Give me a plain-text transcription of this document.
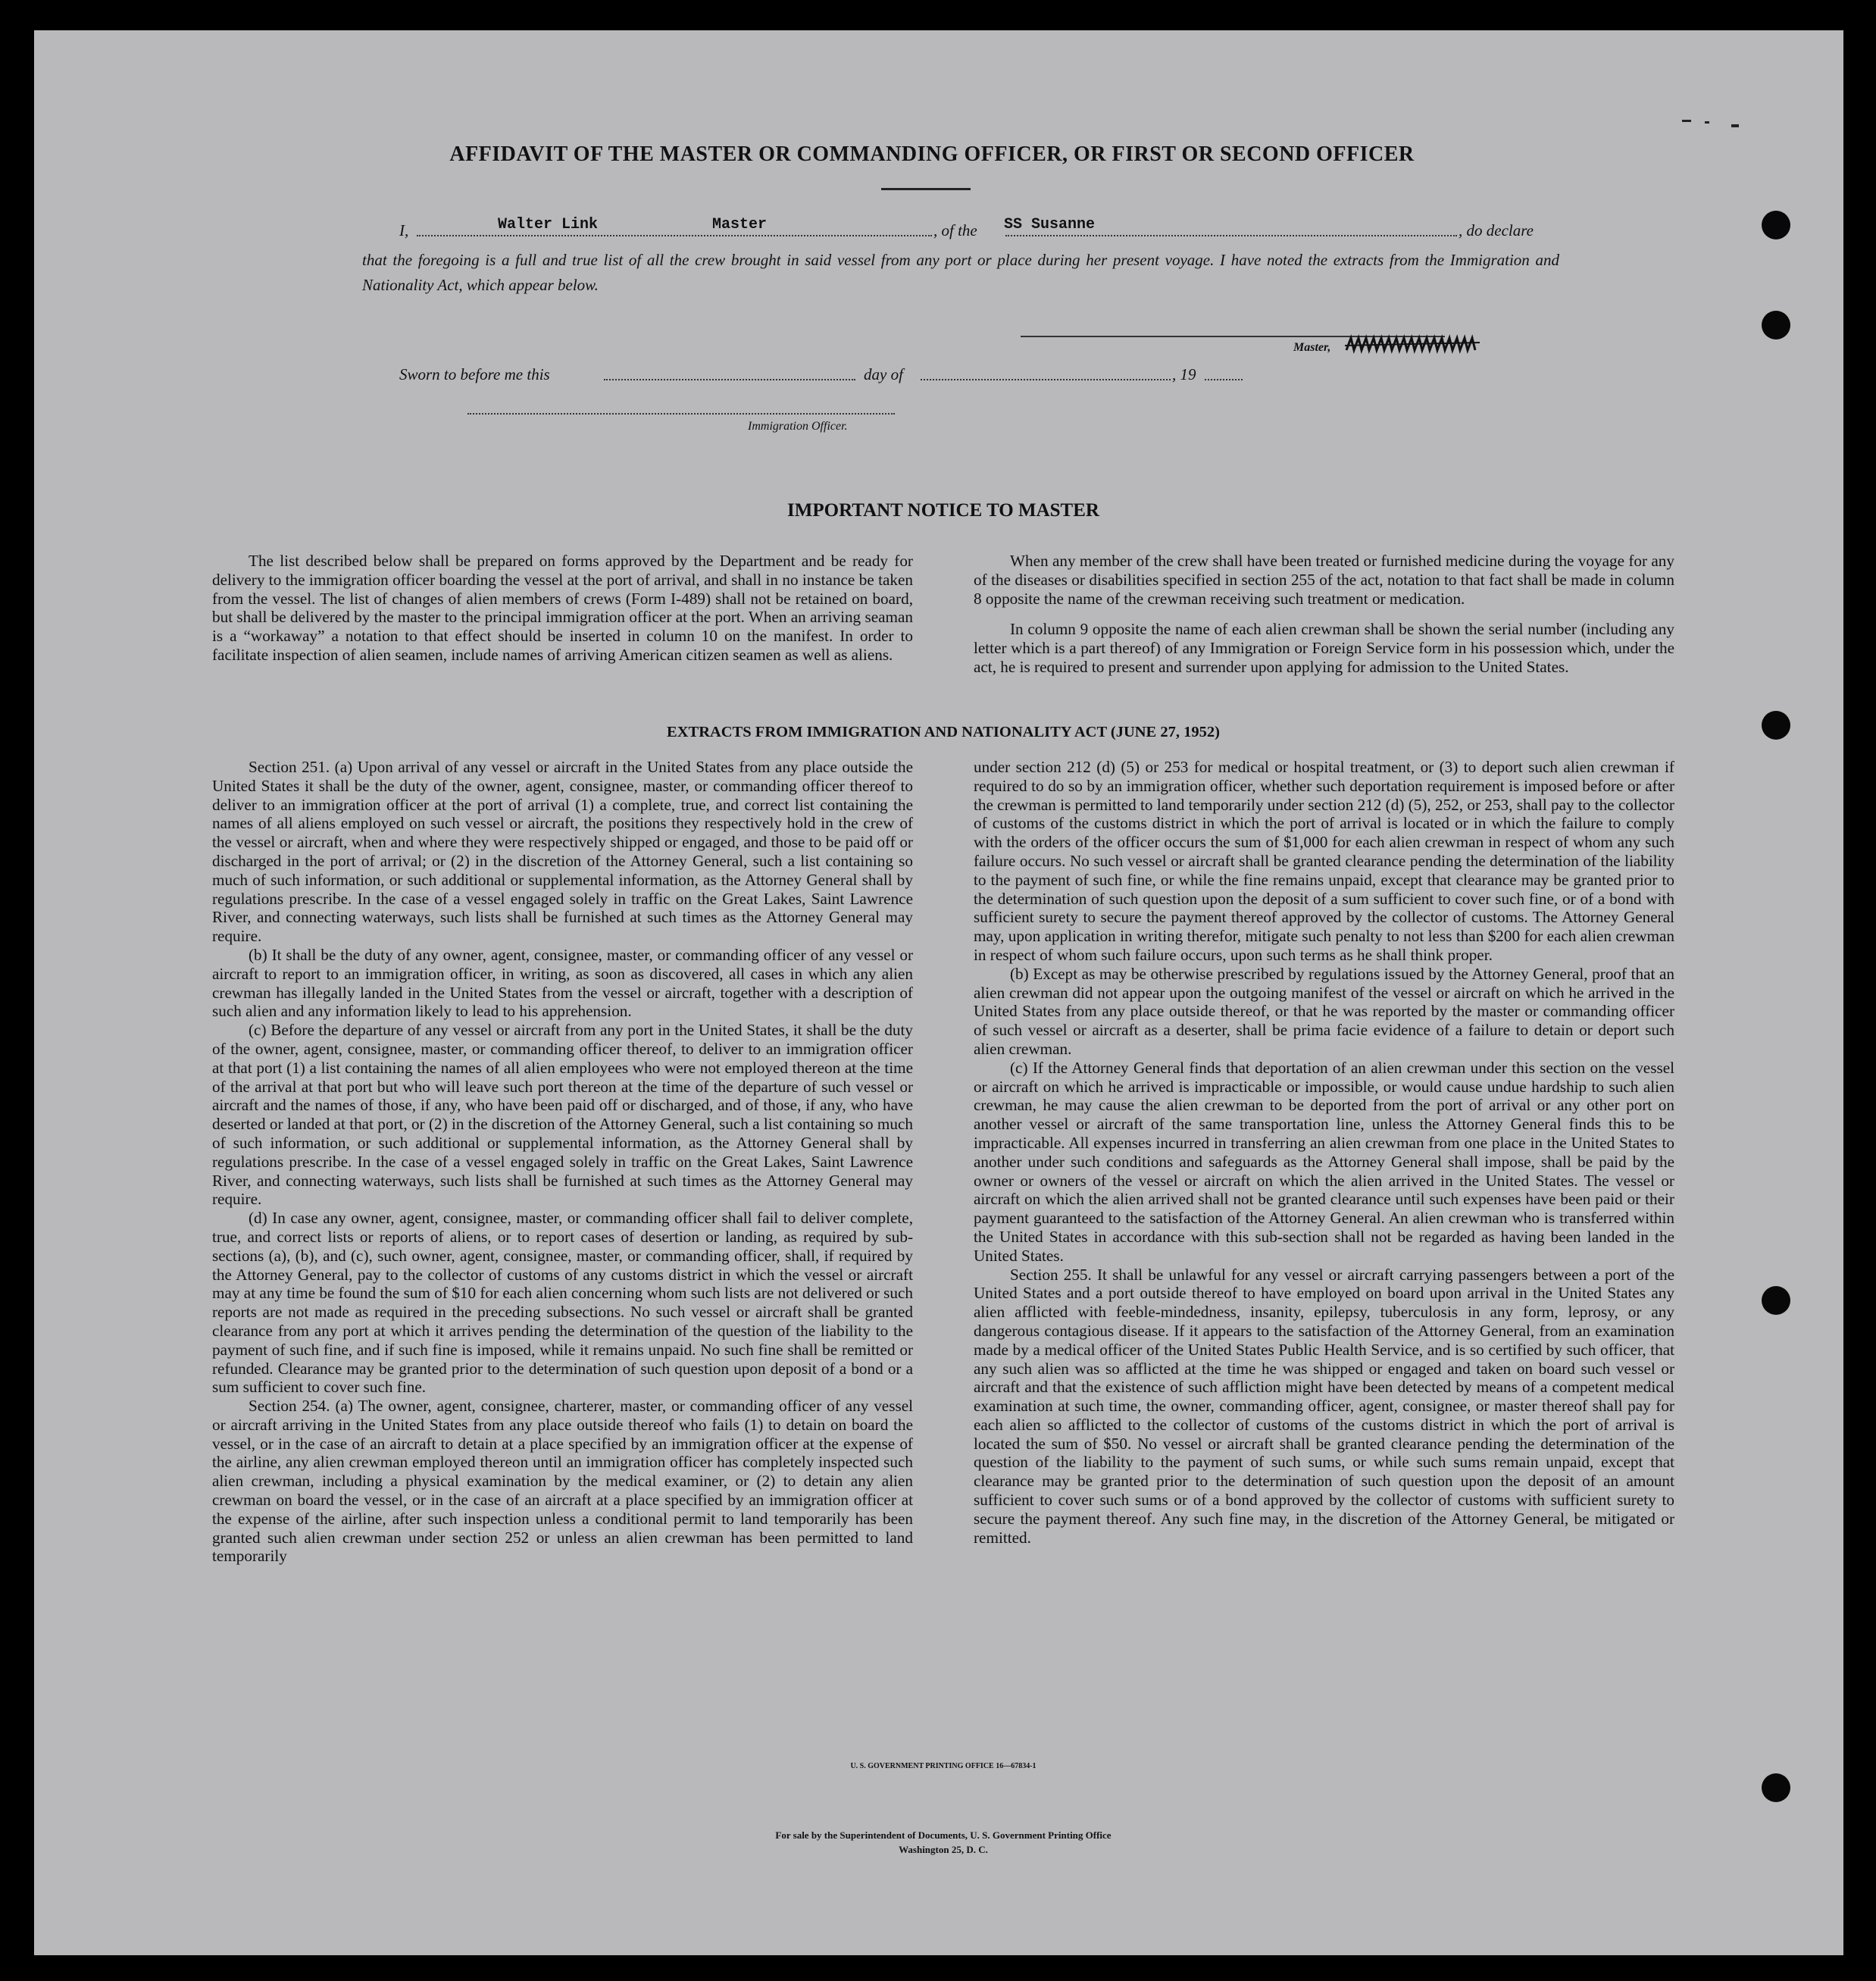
AFFIDAVIT OF THE MASTER OR COMMANDING OFFICER, OR FIRST OR SECOND OFFICER
I,	Walter Link	Master	, of the SS Susanne	, do declare
that the foregoing is a full and true list of all the crew brought in said vessel from any port or place during her present voyage. I have noted the extracts from the Immigration and Nationality Act, which appear below.
Master,
Sworn to before me this	day of	, 19
Immigration Officer.
IMPORTANT NOTICE TO MASTER

The list described below shall be prepared on forms approved by the Department and be ready for delivery to the immigration officer boarding the vessel at the port of arrival, and shall in no instance be taken from the vessel. The list of changes of alien members of crews (Form I-489) shall not be retained on board, but shall be delivered by the master to the principal immigration officer at the port. When an arriving seaman is a “workaway” a notation to that effect should be inserted in column 10 on the manifest. In order to facilitate inspection of alien seamen, include names of arriving American citizen seamen as well as aliens.

When any member of the crew shall have been treated or furnished medicine during the voyage for any of the diseases or disabilities specified in section 255 of the act, notation to that fact shall be made in column 8 opposite the name of the crewman receiving such treatment or medication.

In column 9 opposite the name of each alien crewman shall be shown the serial number (including any letter which is a part thereof) of any Immigration or Foreign Service form in his possession which, under the act, he is required to present and surrender upon applying for admission to the United States.

EXTRACTS FROM IMMIGRATION AND NATIONALITY ACT (JUNE 27, 1952)

Section 251. (a) Upon arrival of any vessel or aircraft in the United States from any place outside the United States it shall be the duty of the owner, agent, consignee, master, or commanding officer thereof to deliver to an immigration officer at the port of arrival (1) a complete, true, and correct list containing the names of all aliens employed on such vessel or aircraft, the positions they respectively hold in the crew of the vessel or aircraft, when and where they were respectively shipped or engaged, and those to be paid off or discharged in the port of arrival; or (2) in the discretion of the Attorney General, such a list containing so much of such information, or such additional or supplemental information, as the Attorney General shall by regulations prescribe. In the case of a vessel engaged solely in traffic on the Great Lakes, Saint Lawrence River, and connecting waterways, such lists shall be furnished at such times as the Attorney General may require.

(b) It shall be the duty of any owner, agent, consignee, master, or commanding officer of any vessel or aircraft to report to an immigration officer, in writing, as soon as discovered, all cases in which any alien crewman has illegally landed in the United States from the vessel or aircraft, together with a description of such alien and any information likely to lead to his apprehension.

(c) Before the departure of any vessel or aircraft from any port in the United States, it shall be the duty of the owner, agent, consignee, master, or commanding officer thereof, to deliver to an immigration officer at that port (1) a list containing the names of all alien employees who were not employed thereon at the time of the arrival at that port but who will leave such port thereon at the time of the departure of such vessel or aircraft and the names of those, if any, who have been paid off or discharged, and of those, if any, who have deserted or landed at that port, or (2) in the discretion of the Attorney General, such a list containing so much of such information, or such additional or supplemental information, as the Attorney General shall by regulations prescribe. In the case of a vessel engaged solely in traffic on the Great Lakes, Saint Lawrence River, and connecting waterways, such lists shall be furnished at such times as the Attorney General may require.

(d) In case any owner, agent, consignee, master, or commanding officer shall fail to deliver complete, true, and correct lists or reports of aliens, or to report cases of desertion or landing, as required by sub-sections (a), (b), and (c), such owner, agent, consignee, master, or commanding officer, shall, if required by the Attorney General, pay to the collector of customs of any customs district in which the vessel or aircraft may at any time be found the sum of $10 for each alien concerning whom such lists are not delivered or such reports are not made as required in the preceding subsections. No such vessel or aircraft shall be granted clearance from any port at which it arrives pending the determination of the question of the liability to the payment of such fine, and if such fine is imposed, while it remains unpaid. No such fine shall be remitted or refunded. Clearance may be granted prior to the determination of such question upon deposit of a bond or a sum sufficient to cover such fine.

Section 254. (a) The owner, agent, consignee, charterer, master, or commanding officer of any vessel or aircraft arriving in the United States from any place outside thereof who fails (1) to detain on board the vessel, or in the case of an aircraft to detain at a place specified by an immigration officer at the expense of the airline, any alien crewman employed thereon until an immigration officer has completely inspected such alien crewman, including a physical examination by the medical examiner, or (2) to detain any alien crewman on board the vessel, or in the case of an aircraft at a place specified by an immigration officer at the expense of the airline, after such inspection unless a conditional permit to land temporarily has been granted such alien crewman under section 252 or unless an alien crewman has been permitted to land temporarily

under section 212 (d) (5) or 253 for medical or hospital treatment, or (3) to deport such alien crewman if required to do so by an immigration officer, whether such deportation requirement is imposed before or after the crewman is permitted to land temporarily under section 212 (d) (5), 252, or 253, shall pay to the collector of customs of the customs district in which the port of arrival is located or in which the failure to comply with the orders of the officer occurs the sum of $1,000 for each alien crewman in respect of whom any such failure occurs. No such vessel or aircraft shall be granted clearance pending the determination of the liability to the payment of such fine, or while the fine remains unpaid, except that clearance may be granted prior to the determination of such question upon the deposit of a sum sufficient to cover such fine, or of a bond with sufficient surety to secure the payment thereof approved by the collector of customs. The Attorney General may, upon application in writing therefor, mitigate such penalty to not less than $200 for each alien crewman in respect of whom such failure occurs, upon such terms as he shall think proper.

(b) Except as may be otherwise prescribed by regulations issued by the Attorney General, proof that an alien crewman did not appear upon the outgoing manifest of the vessel or aircraft on which he arrived in the United States from any place outside thereof, or that he was reported by the master or commanding officer of such vessel or aircraft as a deserter, shall be prima facie evidence of a failure to detain or deport such alien crewman.

(c) If the Attorney General finds that deportation of an alien crewman under this section on the vessel or aircraft on which he arrived is impracticable or impossible, or would cause undue hardship to such alien crewman, he may cause the alien crewman to be deported from the port of arrival or any other port on another vessel or aircraft of the same transportation line, unless the Attorney General finds this to be impracticable. All expenses incurred in transferring an alien crewman from one place in the United States to another under such conditions and safeguards as the Attorney General shall impose, shall be paid by the owner or owners of the vessel or aircraft on which the alien arrived in the United States. The vessel or aircraft on which the alien arrived shall not be granted clearance until such expenses have been paid or their payment guaranteed to the satisfaction of the Attorney General. An alien crewman who is transferred within the United States in accordance with this sub-section shall not be regarded as having been landed in the United States.

Section 255. It shall be unlawful for any vessel or aircraft carrying passengers between a port of the United States and a port outside thereof to have employed on board upon arrival in the United States any alien afflicted with feeble-mindedness, insanity, epilepsy, tuberculosis in any form, leprosy, or any dangerous contagious disease. If it appears to the satisfaction of the Attorney General, from an examination made by a medical officer of the United States Public Health Service, and is so certified by such officer, that any such alien was so afflicted at the time he was shipped or engaged and taken on board such vessel or aircraft and that the existence of such affliction might have been detected by means of a competent medical examination at such time, the owner, commanding officer, agent, consignee, or master thereof shall pay for each alien so afflicted to the collector of customs of the customs district in which the port of arrival is located the sum of $50. No vessel or aircraft shall be granted clearance pending the determination of the question of the liability to the payment of such sums, or while such sums remain unpaid, except that clearance may be granted prior to the determination of such question upon the deposit of an amount sufficient to cover such sums or of a bond approved by the collector of customs with sufficient surety to secure the payment thereof. Any such fine may, in the discretion of the Attorney General, be mitigated or remitted.

U. S. GOVERNMENT PRINTING OFFICE 16—67834-1
For sale by the Superintendent of Documents, U. S. Government Printing Office
Washington 25, D. C.
